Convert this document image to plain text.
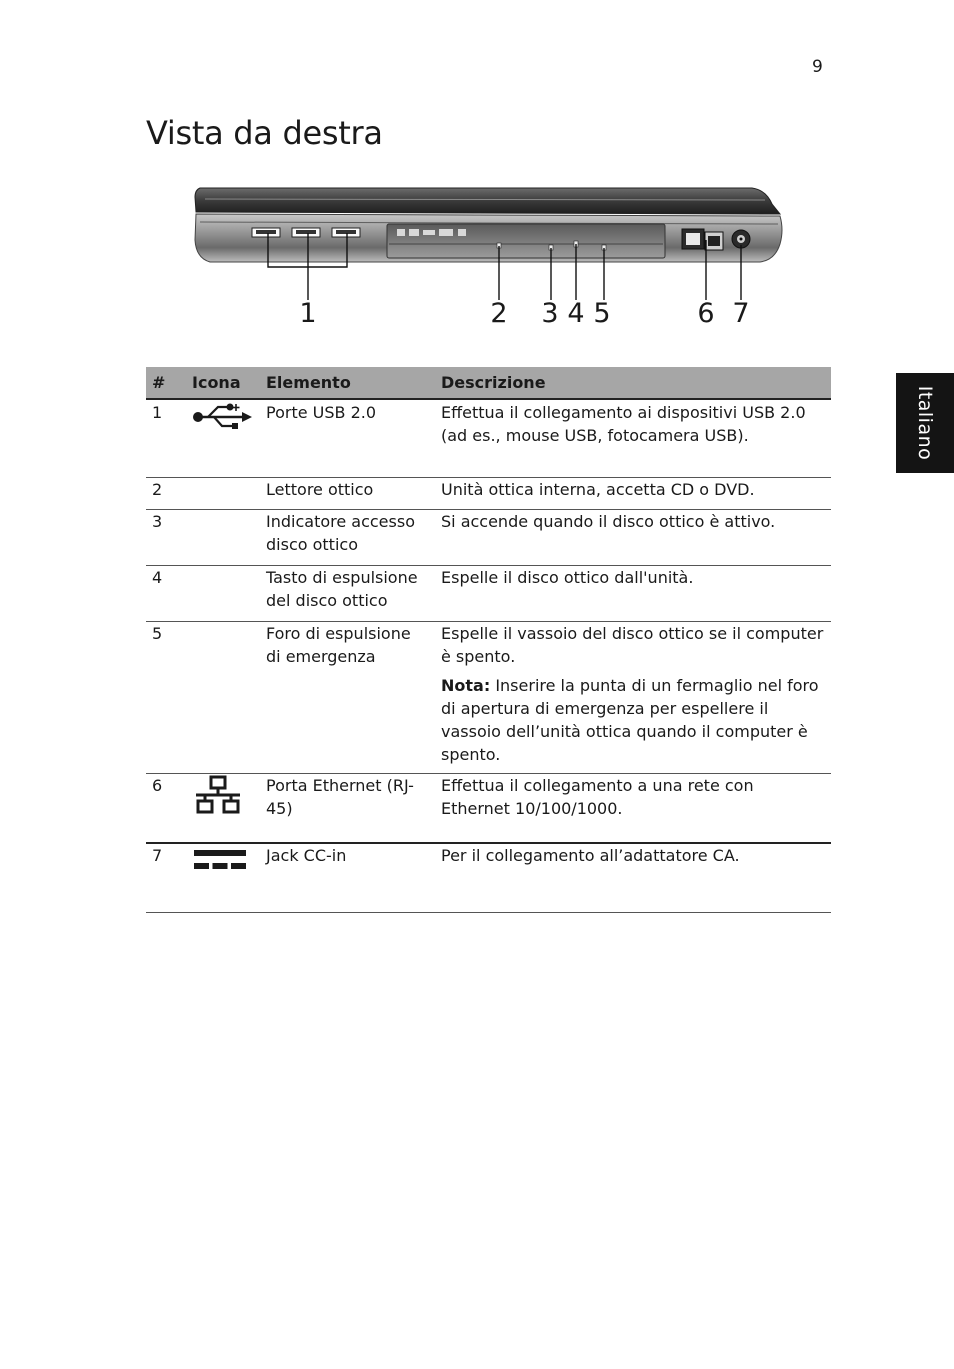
9
Vista da destra
Italiano
1	2 3 4 5	6 7
#	Icona	Elemento	Descrizione
1		Porte USB 2.0	Effettua il collegamento ai dispositivi USB 2.0 (ad es., mouse USB, fotocamera USB).
2		Lettore ottico	Unità ottica interna, accetta CD o DVD.
3		Indicatore accesso disco ottico	Si accende quando il disco ottico è attivo.
4		Tasto di espulsione del disco ottico	Espelle il disco ottico dall'unità.
5		Foro di espulsione di emergenza	Espelle il vassoio del disco ottico se il computer è spento.
Nota: Inserire la punta di un fermaglio nel foro di apertura di emergenza per espellere il vassoio dell’unità ottica quando il computer è spento.

6		Porta Ethernet (RJ-45)	Effettua il collegamento a una rete con Ethernet 10/100/1000.
7		Jack CC-in	Per il collegamento all’adattatore CA.
